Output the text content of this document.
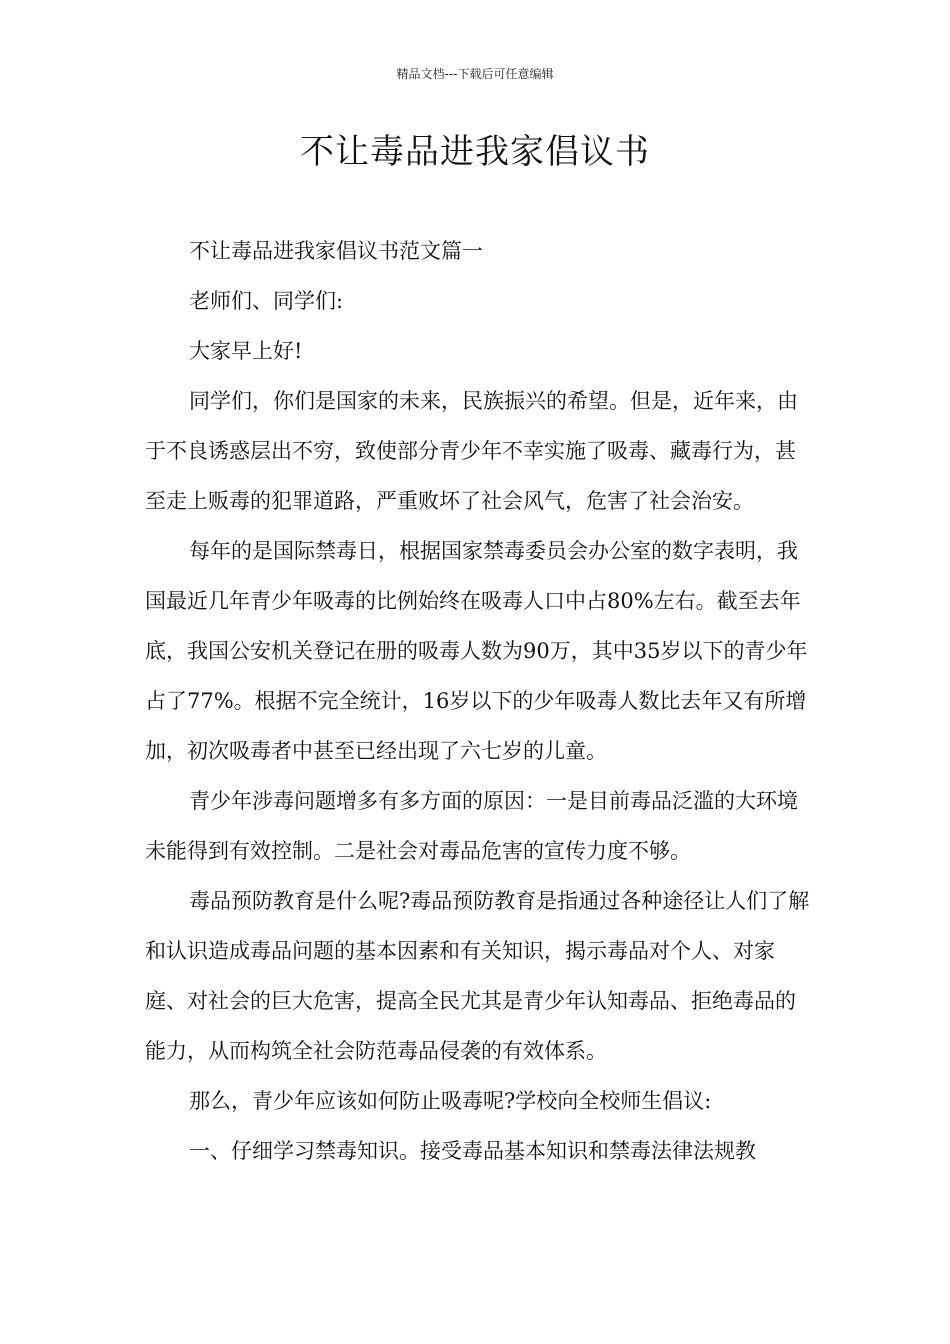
精品文档---下载后可任意编辑
不让毒品进我家倡议书

不让毒品进我家倡议书范文篇一

老师们、同学们:

大家早上好!

同学们，你们是国家的未来，民族振兴的希望。但是，近年来，由于不良诱惑层出不穷，致使部分青少年不幸实施了吸毒、藏毒行为，甚至走上贩毒的犯罪道路，严重败坏了社会风气，危害了社会治安。

每年的是国际禁毒日，根据国家禁毒委员会办公室的数字表明，我国最近几年青少年吸毒的比例始终在吸毒人口中占80%左右。截至去年底，我国公安机关登记在册的吸毒人数为90万，其中35岁以下的青少年占了77%。根据不完全统计，16岁以下的少年吸毒人数比去年又有所增加，初次吸毒者中甚至已经出现了六七岁的儿童。

青少年涉毒问题增多有多方面的原因：一是目前毒品泛滥的大环境未能得到有效控制。二是社会对毒品危害的宣传力度不够。

毒品预防教育是什么呢?毒品预防教育是指通过各种途径让人们了解和认识造成毒品问题的基本因素和有关知识，揭示毒品对个人、对家庭、对社会的巨大危害，提高全民尤其是青少年认知毒品、拒绝毒品的能力，从而构筑全社会防范毒品侵袭的有效体系。

那么，青少年应该如何防止吸毒呢?学校向全校师生倡议:

一、仔细学习禁毒知识。接受毒品基本知识和禁毒法律法规教
